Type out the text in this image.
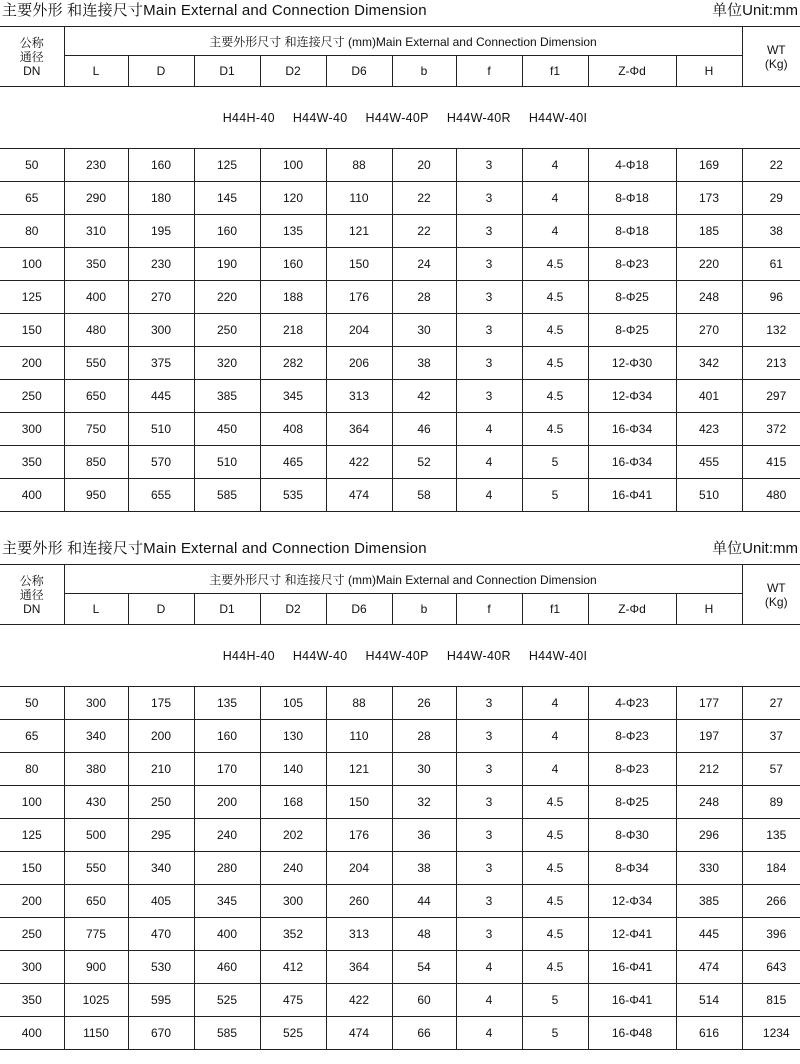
主要外形 和连接尺寸Main External and Connection Dimension	单位Unit:mm
公称
通径
DN	主要外形尺寸 和连接尺寸 (mm)Main External and Connection Dimension										WT
(Kg)
	L	D	D1	D2	D6	b	f	f1	Z-Φd	H	
H44H-40 H44W-40 H44W-40P H44W-40R H44W-40I											
50	230	160	125	100	88	20	3	4	4-Φ18	169	22
65	290	180	145	120	110	22	3	4	8-Φ18	173	29
80	310	195	160	135	121	22	3	4	8-Φ18	185	38
100	350	230	190	160	150	24	3	4.5	8-Φ23	220	61
125	400	270	220	188	176	28	3	4.5	8-Φ25	248	96
150	480	300	250	218	204	30	3	4.5	8-Φ25	270	132
200	550	375	320	282	206	38	3	4.5	12-Φ30	342	213
250	650	445	385	345	313	42	3	4.5	12-Φ34	401	297
300	750	510	450	408	364	46	4	4.5	16-Φ34	423	372
350	850	570	510	465	422	52	4	5	16-Φ34	455	415
400	950	655	585	535	474	58	4	5	16-Φ41	510	480
主要外形 和连接尺寸Main External and Connection Dimension	单位Unit:mm
公称
通径
DN	主要外形尺寸 和连接尺寸 (mm)Main External and Connection Dimension										WT
(Kg)
	L	D	D1	D2	D6	b	f	f1	Z-Φd	H	
H44H-40 H44W-40 H44W-40P H44W-40R H44W-40I											
50	300	175	135	105	88	26	3	4	4-Φ23	177	27
65	340	200	160	130	110	28	3	4	8-Φ23	197	37
80	380	210	170	140	121	30	3	4	8-Φ23	212	57
100	430	250	200	168	150	32	3	4.5	8-Φ25	248	89
125	500	295	240	202	176	36	3	4.5	8-Φ30	296	135
150	550	340	280	240	204	38	3	4.5	8-Φ34	330	184
200	650	405	345	300	260	44	3	4.5	12-Φ34	385	266
250	775	470	400	352	313	48	3	4.5	12-Φ41	445	396
300	900	530	460	412	364	54	4	4.5	16-Φ41	474	643
350	1025	595	525	475	422	60	4	5	16-Φ41	514	815
400	1150	670	585	525	474	66	4	5	16-Φ48	616	1234
